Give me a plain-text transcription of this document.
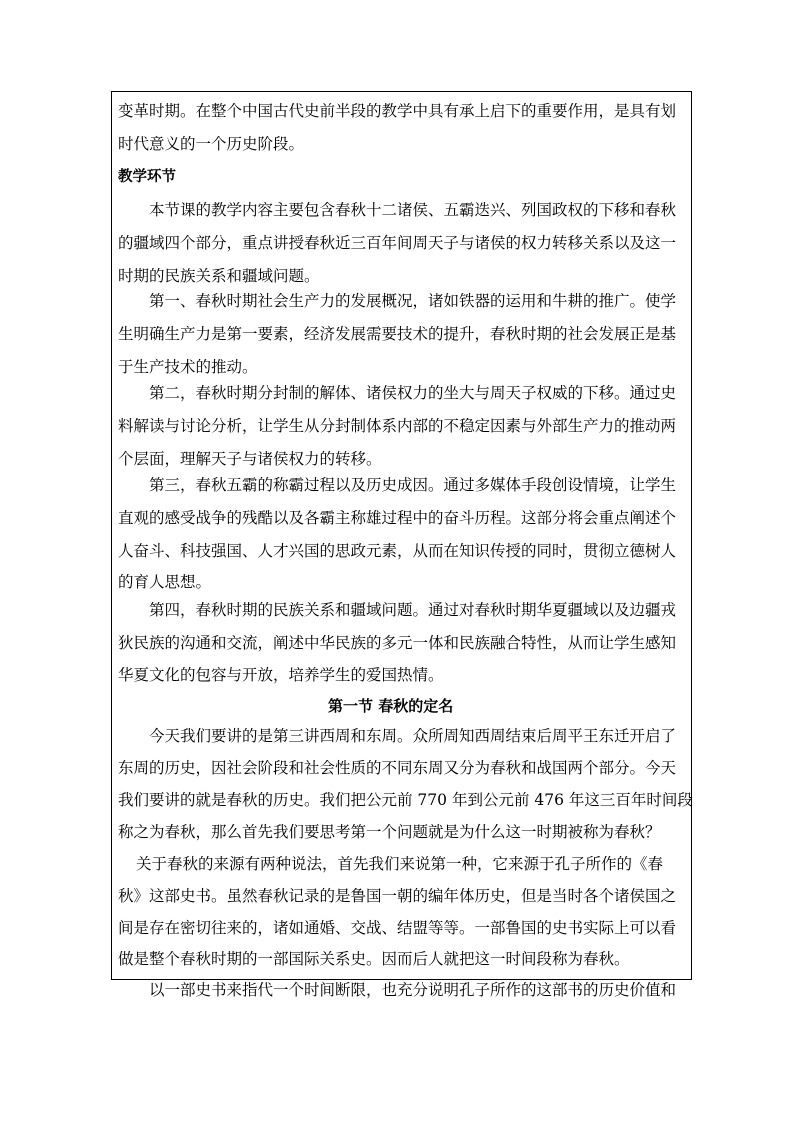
变革时期。在整个中国古代史前半段的教学中具有承上启下的重要作用，是具有划
时代意义的一个历史阶段。
教学环节
本节课的教学内容主要包含春秋十二诸侯、五霸迭兴、列国政权的下移和春秋
的疆域四个部分，重点讲授春秋近三百年间周天子与诸侯的权力转移关系以及这一
时期的民族关系和疆域问题。
第一、春秋时期社会生产力的发展概况，诸如铁器的运用和牛耕的推广。使学
生明确生产力是第一要素，经济发展需要技术的提升，春秋时期的社会发展正是基
于生产技术的推动。
第二，春秋时期分封制的解体、诸侯权力的坐大与周天子权威的下移。通过史
料解读与讨论分析，让学生从分封制体系内部的不稳定因素与外部生产力的推动两
个层面，理解天子与诸侯权力的转移。
第三，春秋五霸的称霸过程以及历史成因。通过多媒体手段创设情境，让学生
直观的感受战争的残酷以及各霸主称雄过程中的奋斗历程。这部分将会重点阐述个
人奋斗、科技强国、人才兴国的思政元素，从而在知识传授的同时，贯彻立德树人
的育人思想。
第四，春秋时期的民族关系和疆域问题。通过对春秋时期华夏疆域以及边疆戎
狄民族的沟通和交流，阐述中华民族的多元一体和民族融合特性，从而让学生感知
华夏文化的包容与开放，培养学生的爱国热情。
第一节 春秋的定名
今天我们要讲的是第三讲西周和东周。众所周知西周结束后周平王东迁开启了
东周的历史，因社会阶段和社会性质的不同东周又分为春秋和战国两个部分。今天
我们要讲的就是春秋的历史。我们把公元前 770 年到公元前 476 年这三百年时间段
称之为春秋，那么首先我们要思考第一个问题就是为什么这一时期被称为春秋？
关于春秋的来源有两种说法，首先我们来说第一种，它来源于孔子所作的《春
秋》这部史书。虽然春秋记录的是鲁国一朝的编年体历史，但是当时各个诸侯国之
间是存在密切往来的，诸如通婚、交战、结盟等等。一部鲁国的史书实际上可以看
做是整个春秋时期的一部国际关系史。因而后人就把这一时间段称为春秋。
以一部史书来指代一个时间断限，也充分说明孔子所作的这部书的历史价值和
